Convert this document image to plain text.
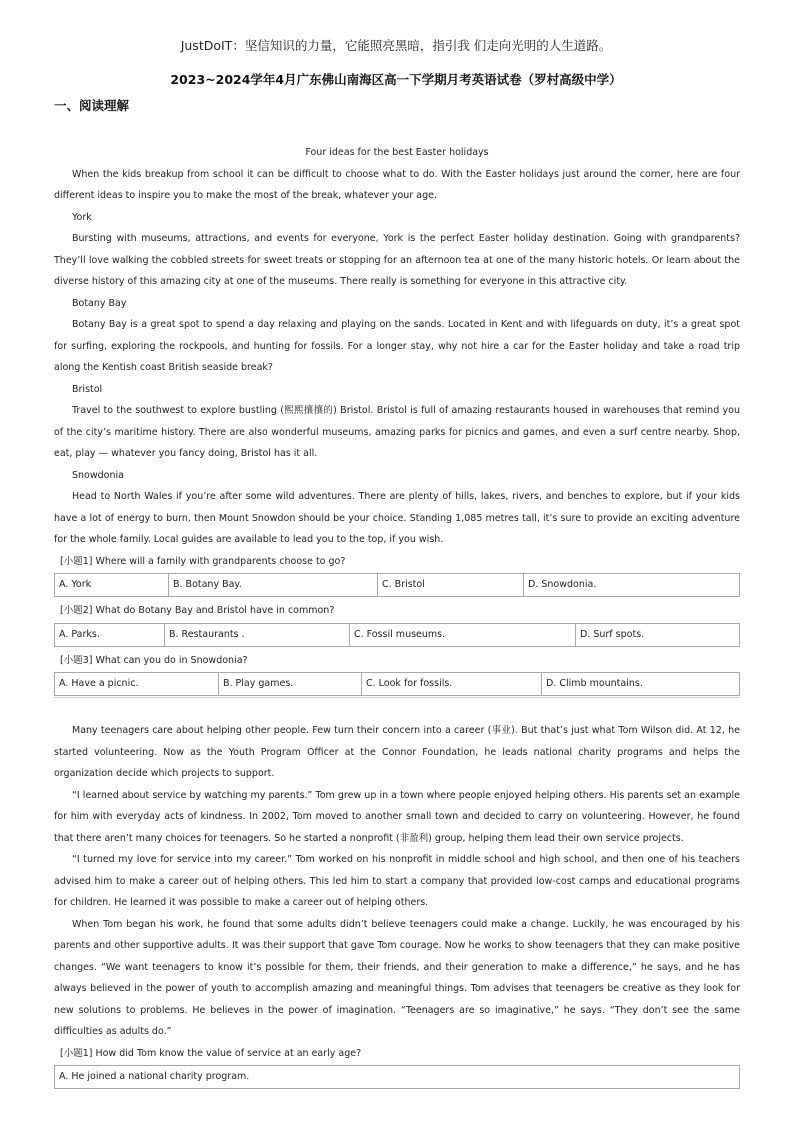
JustDoIT：坚信知识的力量，它能照亮黑暗，指引我 们走向光明的人生道路。
2023~2024学年4月广东佛山南海区高一下学期月考英语试卷（罗村高级中学）
一、阅读理解

Four ideas for the best Easter holidays

When the kids breakup from school it can be difficult to choose what to do. With the Easter holidays just around the corner, here are four different ideas to inspire you to make the most of the break, whatever your age.

York

Bursting with museums, attractions, and events for everyone, York is the perfect Easter holiday destination. Going with grandparents? They’ll love walking the cobbled streets for sweet treats or stopping for an afternoon tea at one of the many historic hotels. Or learn about the diverse history of this amazing city at one of the museums. There really is something for everyone in this attractive city.

Botany Bay

Botany Bay is a great spot to spend a day relaxing and playing on the sands. Located in Kent and with lifeguards on duty, it’s a great spot for surfing, exploring the rockpools, and hunting for fossils. For a longer stay, why not hire a car for the Easter holiday and take a road trip along the Kentish coast British seaside break?

Bristol

Travel to the southwest to explore bustling (熙熙攘攘的) Bristol. Bristol is full of amazing restaurants housed in warehouses that remind you of the city’s maritime history. There are also wonderful museums, amazing parks for picnics and games, and even a surf centre nearby. Shop, eat, play — whatever you fancy doing, Bristol has it all.

Snowdonia

Head to North Wales if you’re after some wild adventures. There are plenty of hills, lakes, rivers, and benches to explore, but if your kids have a lot of energy to burn, then Mount Snowdon should be your choice. Standing 1,085 metres tall, it’s sure to provide an exciting adventure for the whole family. Local guides are available to lead you to the top, if you wish.

[小题1] Where will a family with grandparents choose to go?

A. York	B. Botany Bay.	C. Bristol	D. Snowdonia.

[小题2] What do Botany Bay and Bristol have in common?

A. Parks.	B. Restaurants .	C. Fossil museums.	D. Surf spots.

[小题3] What can you do in Snowdonia?

A. Have a picnic.	B. Play games.	C. Look for fossils.	D. Climb mountains.

Many teenagers care about helping other people. Few turn their concern into a career (事业). But that’s just what Tom Wilson did. At 12, he started volunteering. Now as the Youth Program Officer at the Connor Foundation, he leads national charity programs and helps the organization decide which projects to support.

“I learned about service by watching my parents.” Tom grew up in a town where people enjoyed helping others. His parents set an example for him with everyday acts of kindness. In 2002, Tom moved to another small town and decided to carry on volunteering. However, he found that there aren’t many choices for teenagers. So he started a nonprofit (非盈利) group, helping them lead their own service projects.

“I turned my love for service into my career.” Tom worked on his nonprofit in middle school and high school, and then one of his teachers advised him to make a career out of helping others. This led him to start a company that provided low-cost camps and educational programs for children. He learned it was possible to make a career out of helping others.

When Tom began his work, he found that some adults didn’t believe teenagers could make a change. Luckily, he was encouraged by his parents and other supportive adults. It was their support that gave Tom courage. Now he works to show teenagers that they can make positive changes. “We want teenagers to know it’s possible for them, their friends, and their generation to make a difference,” he says, and he has always believed in the power of youth to accomplish amazing and meaningful things. Tom advises that teenagers be creative as they look for new solutions to problems. He believes in the power of imagination. “Teenagers are so imaginative,” he says. “They don’t see the same difficulties as adults do.”

[小题1] How did Tom know the value of service at an early age?

A. He joined a national charity program.
